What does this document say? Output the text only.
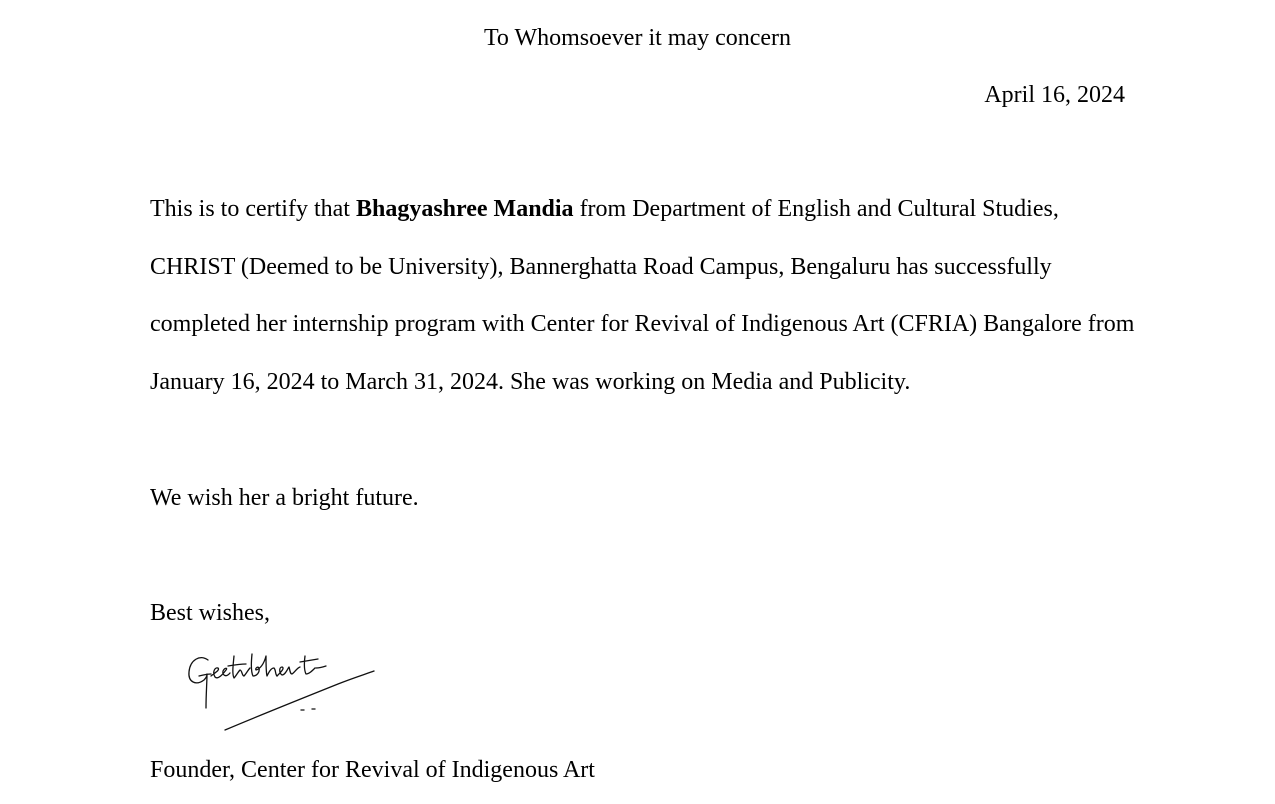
To Whomsoever it may concern
April 16, 2024

This is to certify that Bhagyashree Mandia from Department of English and Cultural Studies, CHRIST (Deemed to be University), Bannerghatta Road Campus, Bengaluru has successfully completed her internship program with Center for Revival of Indigenous Art (CFRIA) Bangalore from January 16, 2024 to March 31, 2024. She was working on Media and Publicity.

We wish her a bright future.
Best wishes,
Founder, Center for Revival of Indigenous Art
